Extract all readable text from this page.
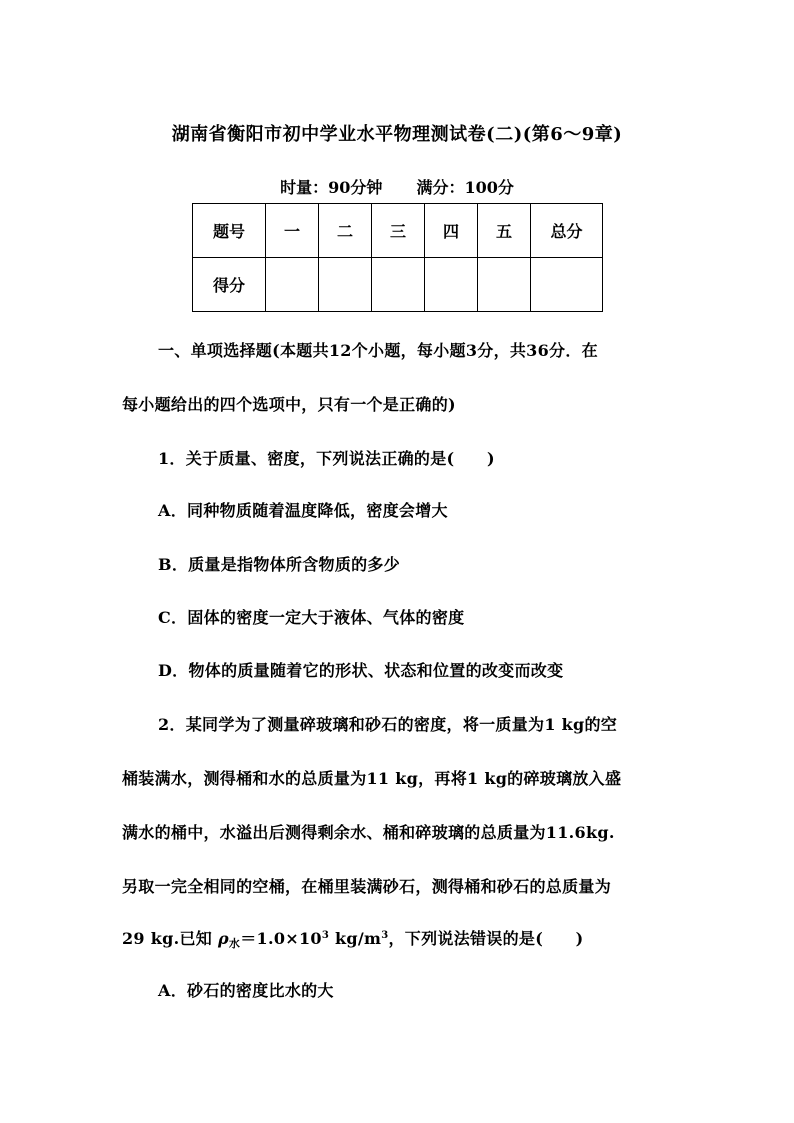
湖南省衡阳市初中学业水平物理测试卷(二)(第6～9章)
时量：90分钟 满分：100分
题号	一	二	三	四	五	总分
得分						
一、单项选择题(本题共12个小题，每小题3分，共36分．在
每小题给出的四个选项中，只有一个是正确的)
1．关于质量、密度，下列说法正确的是(　　)
A．同种物质随着温度降低，密度会增大
B．质量是指物体所含物质的多少
C．固体的密度一定大于液体、气体的密度
D．物体的质量随着它的形状、状态和位置的改变而改变
2．某同学为了测量碎玻璃和砂石的密度，将一质量为1 kg的空
桶装满水，测得桶和水的总质量为11 kg，再将1 kg的碎玻璃放入盛
满水的桶中，水溢出后测得剩余水、桶和碎玻璃的总质量为11.6kg.
另取一完全相同的空桶，在桶里装满砂石，测得桶和砂石的总质量为
29 kg.已知 $\rho_水=1.0\times 10^3$ $kg/m^3$，下列说法错误的是(　　)
A．砂石的密度比水的大
